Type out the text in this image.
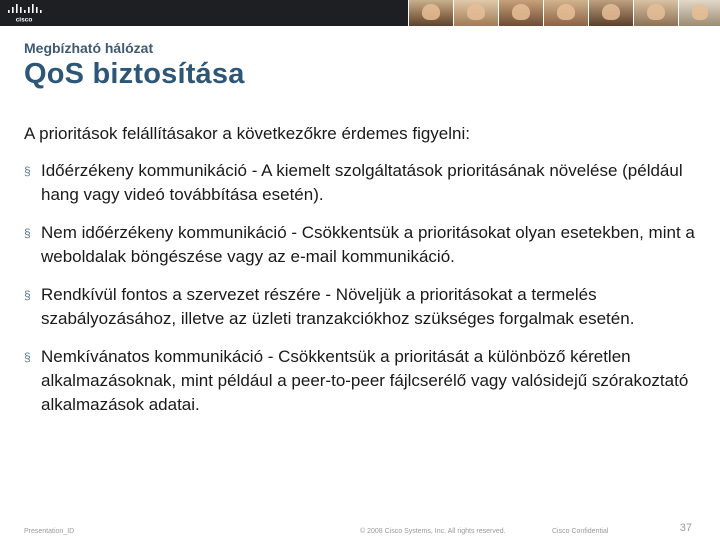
cisco
Megbízható hálózat
QoS biztosítása
A prioritások felállításakor a következőkre érdemes figyelni:
§ Időérzékeny kommunikáció - A kiemelt szolgáltatások prioritásának növelése (például hang vagy videó továbbítása esetén).
§ Nem időérzékeny kommunikáció - Csökkentsük a prioritásokat olyan esetekben, mint a weboldalak böngészése vagy az e-mail kommunikáció.
§ Rendkívül fontos a szervezet részére - Növeljük a prioritásokat a termelés szabályozásához, illetve az üzleti tranzakciókhoz szükséges forgalmak esetén.
§ Nemkívánatos kommunikáció - Csökkentsük a prioritását a különböző kéretlen alkalmazásoknak, mint például a peer-to-peer fájlcserélő vagy valósidejű szórakoztató alkalmazások adatai.
Presentation_ID	© 2008 Cisco Systems, Inc. All rights reserved.	Cisco Confidential	37
